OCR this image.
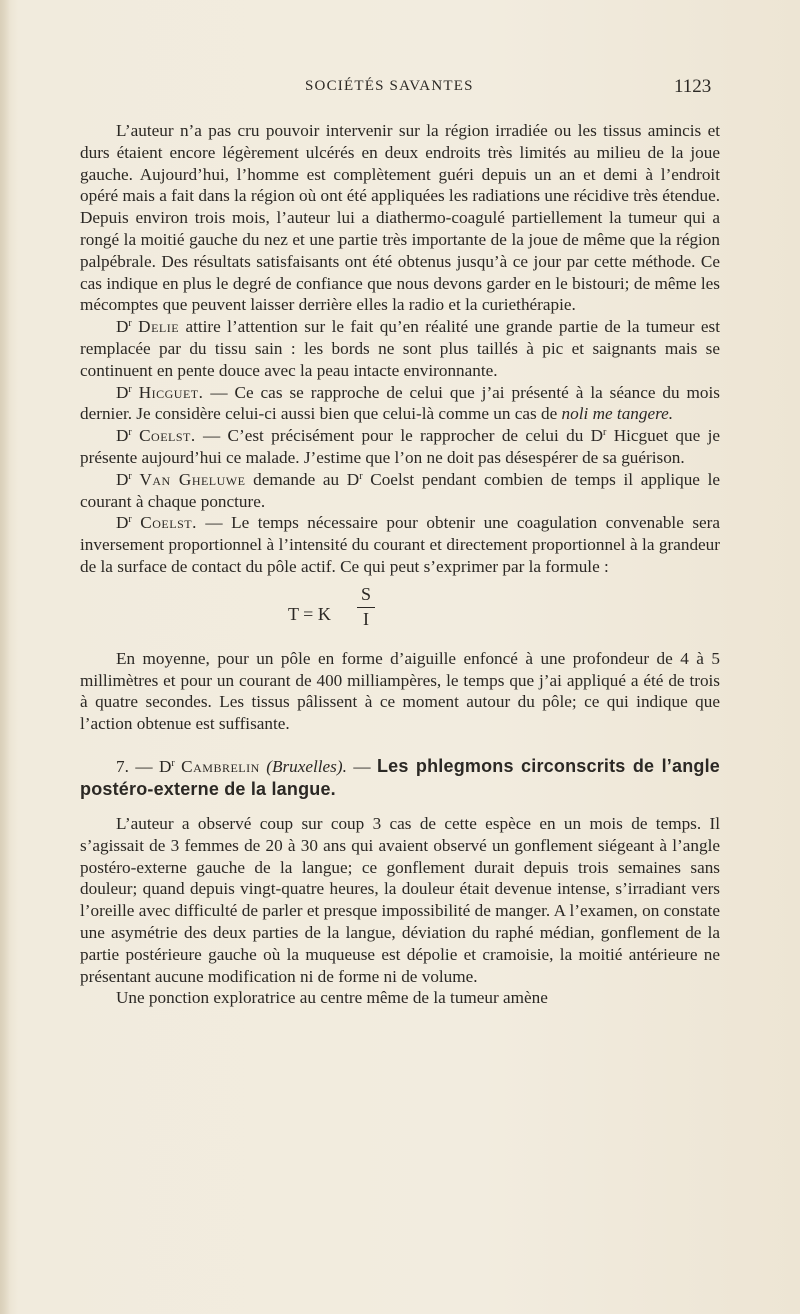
SOCIÉTÉS SAVANTES	1123

L’auteur n’a pas cru pouvoir intervenir sur la région irradiée ou les tissus amincis et durs étaient encore légèrement ulcérés en deux endroits très limités au milieu de la joue gauche. Aujourd’hui, l’homme est complètement guéri depuis un an et demi à l’endroit opéré mais a fait dans la région où ont été appliquées les radiations une récidive très étendue. Depuis environ trois mois, l’auteur lui a diathermo-coagulé partiellement la tumeur qui a rongé la moitié gauche du nez et une partie très importante de la joue de même que la région palpébrale. Des résultats satisfaisants ont été obtenus jusqu’à ce jour par cette méthode. Ce cas indique en plus le degré de confiance que nous devons garder en le bistouri; de même les mécomptes que peuvent laisser derrière elles la radio et la curiethérapie.

$D^r$ Delie attire l’attention sur le fait qu’en réalité une grande partie de la tumeur est remplacée par du tissu sain : les bords ne sont plus taillés à pic et saignants mais se continuent en pente douce avec la peau intacte environnante.

$D^r$ Hicguet. — Ce cas se rapproche de celui que j’ai présenté à la séance du mois dernier. Je considère celui-ci aussi bien que celui-là comme un cas de noli me tangere.

$D^r$ Coelst. — C’est précisément pour le rapprocher de celui du $D^r$ Hicguet que je présente aujourd’hui ce malade. J’estime que l’on ne doit pas désespérer de sa guérison.

$D^r$ Van Gheluwe demande au $D^r$ Coelst pendant combien de temps il applique le courant à chaque poncture.

$D^r$ Coelst. — Le temps nécessaire pour obtenir une coagulation convenable sera inversement proportionnel à l’intensité du courant et directement proportionnel à la grandeur de la surface de contact du pôle actif. Ce qui peut s’exprimer par la formule :

T = K
S
I

En moyenne, pour un pôle en forme d’aiguille enfoncé à une profondeur de 4 à 5 millimètres et pour un courant de 400 milliampères, le temps que j’ai appliqué a été de trois à quatre secondes. Les tissus pâlissent à ce moment autour du pôle; ce qui indique que l’action obtenue est suffisante.

7. — $D^r$ Cambrelin (Bruxelles). — Les phlegmons circonscrits de l’angle postéro-externe de la langue.

L’auteur a observé coup sur coup 3 cas de cette espèce en un mois de temps. Il s’agissait de 3 femmes de 20 à 30 ans qui avaient observé un gonflement siégeant à l’angle postéro-externe gauche de la langue; ce gonflement durait depuis trois semaines sans douleur; quand depuis vingt-quatre heures, la douleur était devenue intense, s’irradiant vers l’oreille avec difficulté de parler et presque impossibilité de manger. A l’examen, on constate une asymétrie des deux parties de la langue, déviation du raphé médian, gonflement de la partie postérieure gauche où la muqueuse est dépolie et cramoisie, la moitié antérieure ne présentant aucune modification ni de forme ni de volume.

Une ponction exploratrice au centre même de la tumeur amène
